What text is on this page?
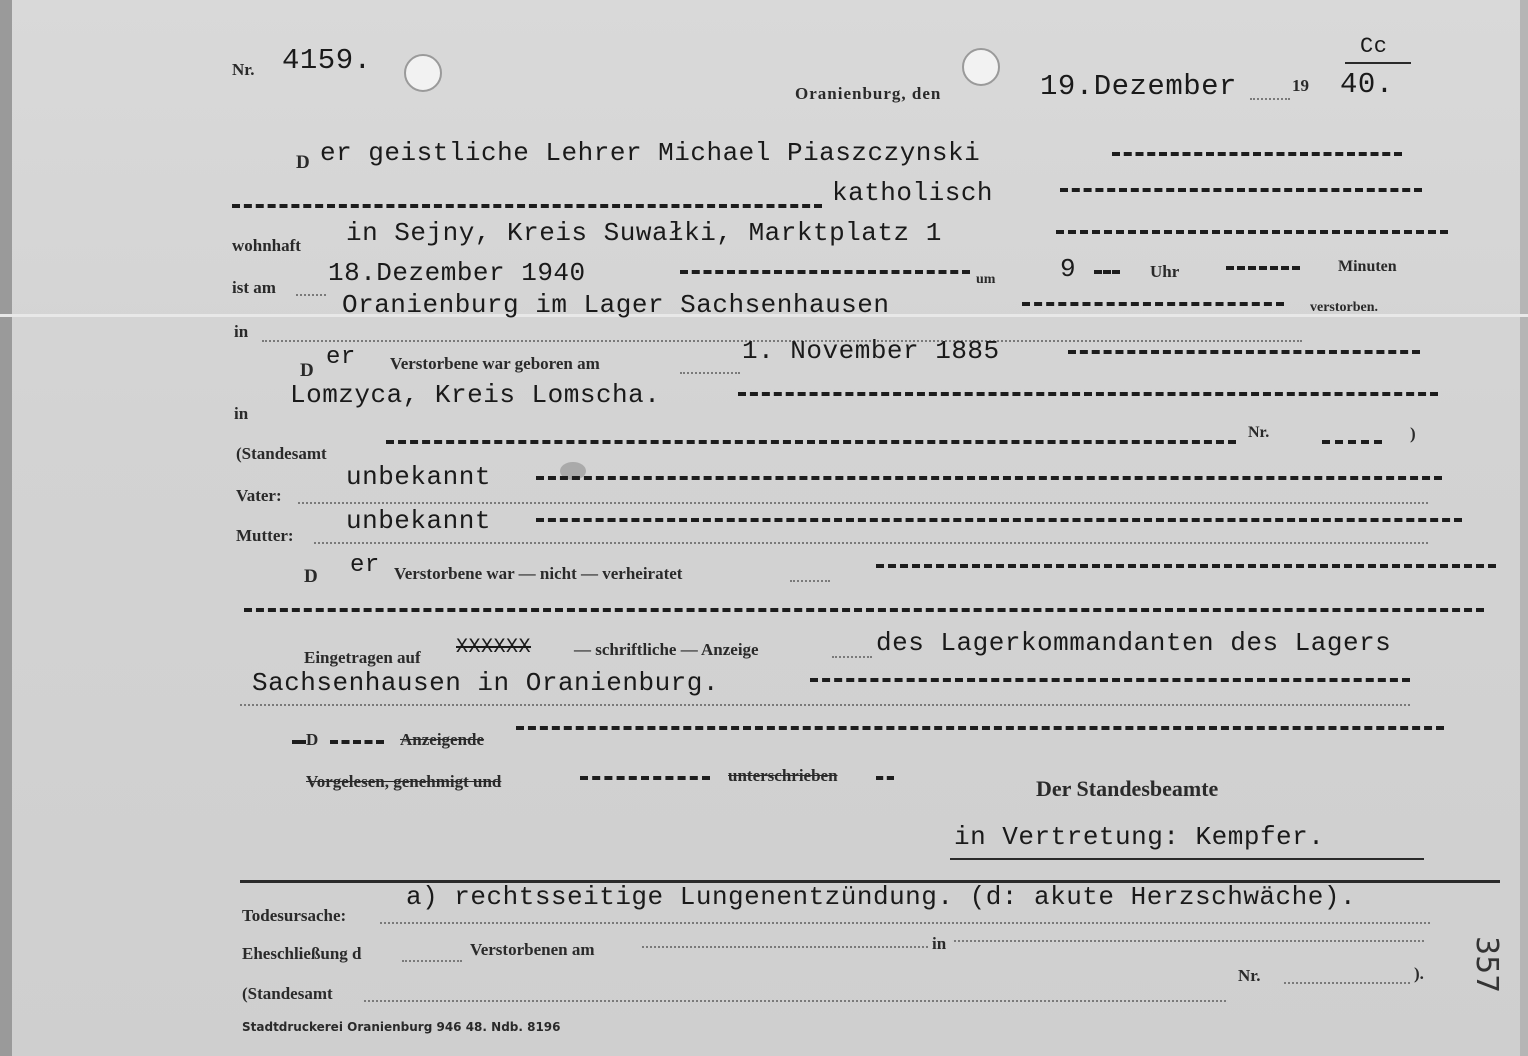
Nr. 4159.	Cc
Oranienburg, den	19.Dezember	19 40.
D er geistliche Lehrer Michael Piaszczynski
katholisch
wohnhaft in Sejny, Kreis Suwałki, Marktplatz 1
ist am 18.Dezember 1940	um 9	Uhr	Minuten
in
Oranienburg im Lager Sachsenhausen	verstorben.
D er Verstorbene war geboren am	1. November 1885
in
Lomzyca, Kreis Lomscha.
(Standesamt
Nr.	)
Vater:
unbekannt
Mutter: unbekannt
D er Verstorbene war — nicht — verheiratet
Eingetragen auf XXXXXX	— schriftliche — Anzeige	des Lagerkommandanten des Lagers
Sachsenhausen in Oranienburg.
D	Anzeigende
Vorgelesen, genehmigt und	unterschrieben
Der Standesbeamte
in Vertretung: Kempfer.
Todesursache:
a) rechtsseitige Lungenentzündung. (d: akute Herzschwäche).
Eheschließung d	Verstorbenen am	in
(Standesamt
Nr.	).
Stadtdruckerei Oranienburg 946 48. Ndb. 8196
357
